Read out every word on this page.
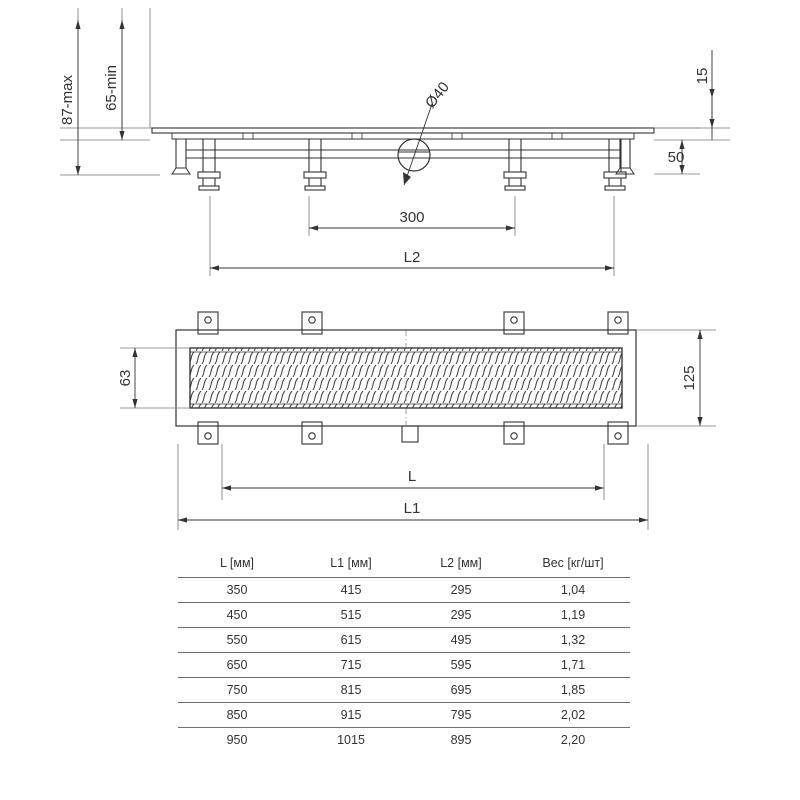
87-max 65-min	Ø40
50
15
300
L2
63	125
L
L1
L [мм]	L1 [мм]	L2 [мм]	Вес [кг/шт]
350	415	295	1,04
450	515	295	1,19
550	615	495	1,32
650	715	595	1,71
750	815	695	1,85
850	915	795	2,02
950	1015	895	2,20
